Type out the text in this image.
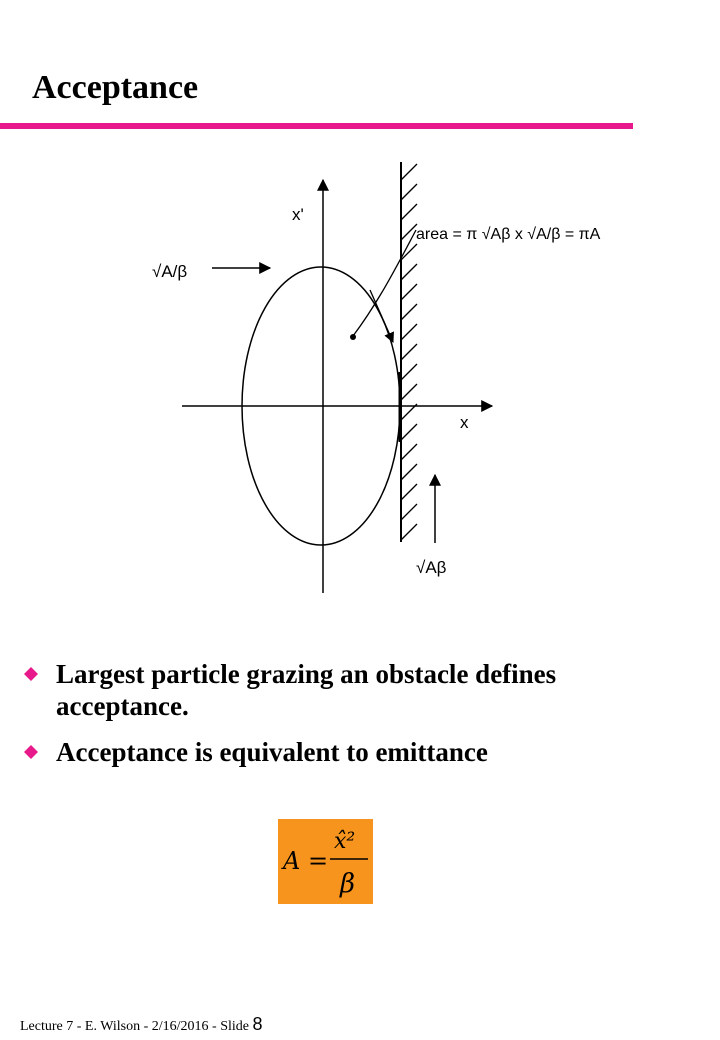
Acceptance
x'
x
√A/β
area = π √Aβ x √A/β = πA
√Aβ
Largest particle grazing an obstacle defines acceptance.
Acceptance is equivalent to emittance
A =
x̂²
β
Lecture 7 - E. Wilson - 2/16/2016 - Slide 8
